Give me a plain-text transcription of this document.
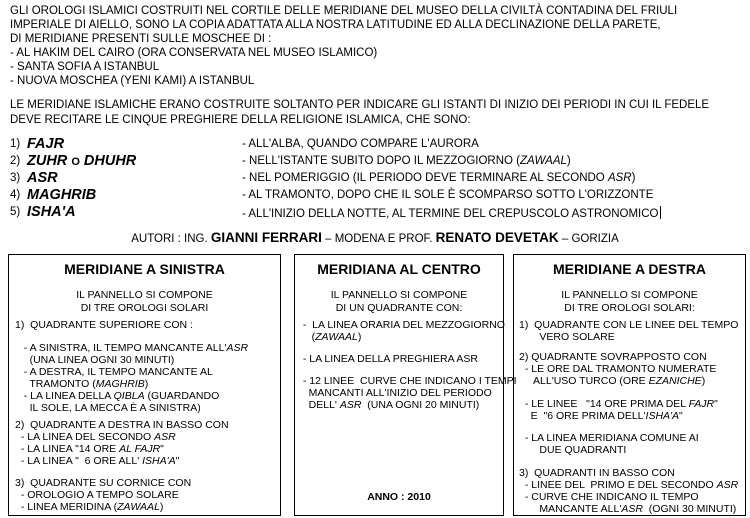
GLI OROLOGI ISLAMICI COSTRUITI NEL CORTILE DELLE MERIDIANE DEL MUSEO DELLA CIVILTÀ CONTADINA DEL FRIULI
IMPERIALE DI AIELLO, SONO LA COPIA ADATTATA ALLA NOSTRA LATITUDINE ED ALLA DECLINAZIONE DELLA PARETE,
DI MERIDIANE PRESENTI SULLE MOSCHEE DI :
- AL HAKIM DEL CAIRO (ORA CONSERVATA NEL MUSEO ISLAMICO)
- SANTA SOFIA A ISTANBUL
- NUOVA MOSCHEA (YENI KAMI) A ISTANBUL
LE MERIDIANE ISLAMICHE ERANO COSTRUITE SOLTANTO PER INDICARE GLI ISTANTI DI INIZIO DEI PERIODI IN CUI IL FEDELE
DEVE RECITARE LE CINQUE PREGHIERE DELLA RELIGIONE ISLAMICA, CHE SONO:
1) FAJR	- ALL'ALBA, QUANDO COMPARE L'AURORA
2) ZUHR O DHUHR	- NELL'ISTANTE SUBITO DOPO IL MEZZOGIORNO (ZAWAAL)
3) ASR	- NEL POMERIGGIO (IL PERIODO DEVE TERMINARE AL SECONDO ASR)
4) MAGHRIB	- AL TRAMONTO, DOPO CHE IL SOLE È SCOMPARSO SOTTO L'ORIZZONTE
5) ISHA'A	- ALL'INIZIO DELLA NOTTE, AL TERMINE DEL CREPUSCOLO ASTRONOMICO
AUTORI : ING. GIANNI FERRARI – MODENA E PROF. RENATO DEVETAK – GORIZIA
MERIDIANE A SINISTRA
IL PANNELLO SI COMPONE
DI TRE OROLOGI SOLARI
1)  QUADRANTE SUPERIORE CON :
- A SINISTRA, IL TEMPO MANCANTE ALL'ASR
(UNA LINEA OGNI 30 MINUTI)
- A DESTRA, IL TEMPO MANCANTE AL
TRAMONTO (MAGHRIB)
- LA LINEA DELLA QIBLA (GUARDANDO
IL SOLE, LA MECCA È A SINISTRA)
2)  QUADRANTE A DESTRA IN BASSO CON
- LA LINEA DEL SECONDO ASR
- LA LINEA "14 ORE AL FAJR"
- LA LINEA "  6 ORE ALL' ISHA'A"
3)  QUADRANTE SU CORNICE CON
- OROLOGIO A TEMPO SOLARE
- LINEA MERIDINA (ZAWAAL)
MERIDIANA AL CENTRO
IL PANNELLO SI COMPONE
DI UN QUADRANTE CON:
-  LA LINEA ORARIA DEL MEZZOGIORNO
(ZAWAAL)
- LA LINEA DELLA PREGHIERA ASR
- 12 LINEE  CURVE CHE INDICANO I TEMPI
MANCANTI ALL'INIZIO DEL PERIODO
DELL' ASR  (UNA OGNI 20 MINUTI)
ANNO : 2010
MERIDIANE A DESTRA
IL PANNELLO SI COMPONE
DI TRE OROLOGI SOLARI:
1)  QUADRANTE CON LE LINEE DEL TEMPO
VERO SOLARE
2) QUADRANTE SOVRAPPOSTO CON
- LE ORE DAL TRAMONTO NUMERATE
ALL'USO TURCO (ORE EZANICHE)
- LE LINEE   "14 ORE PRIMA DEL FAJR"
E  "6 ORE PRIMA DELL'ISHA'A"
- LA LINEA MERIDIANA COMUNE AI
DUE QUADRANTI
3)  QUADRANTI IN BASSO CON
- LINEE DEL  PRIMO E DEL SECONDO ASR
- CURVE CHE INDICANO IL TEMPO
MANCANTE ALL'ASR  (OGNI 30 MINUTI)
